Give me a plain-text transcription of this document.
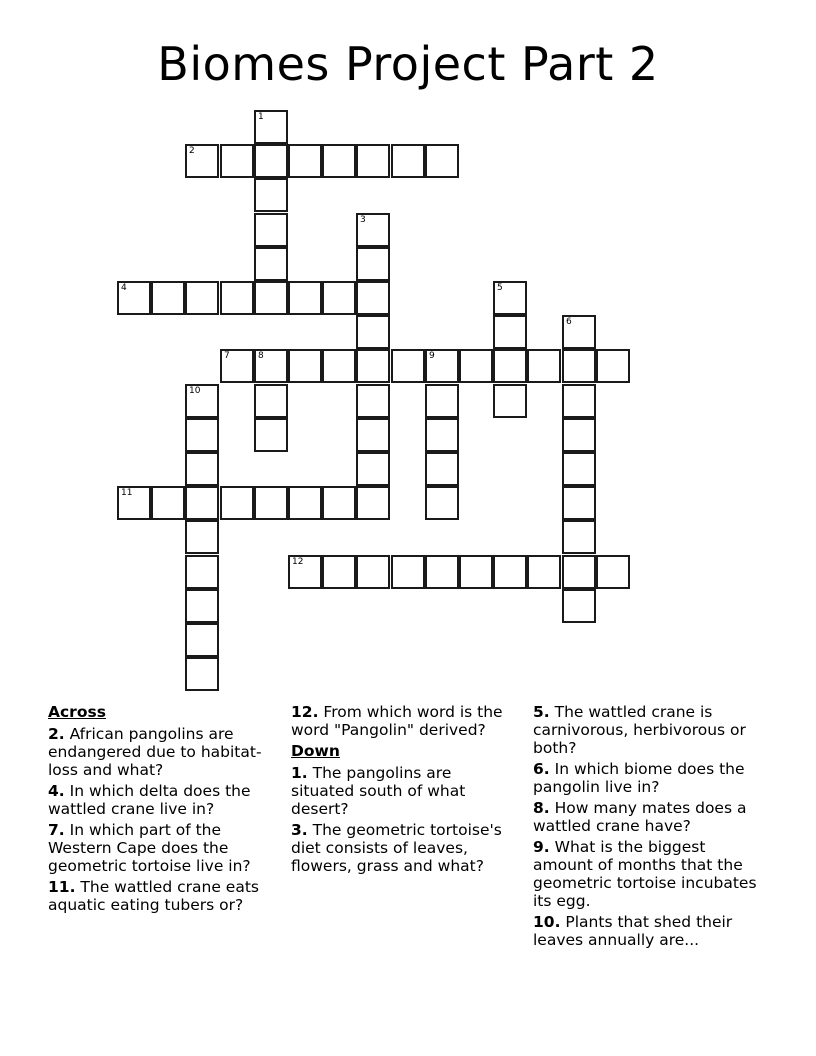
Biomes Project Part 2
2
4
7	8	9
11
12
1
3
5
6
10
Across
2. African pangolins are endangered due to habitat-loss and what?
4. In which delta does the wattled crane live in?
7. In which part of the Western Cape does the geometric tortoise live in?
11. The wattled crane eats aquatic eating tubers or?
12. From which word is the word "Pangolin" derived?
Down
1. The pangolins are situated south of what desert?
3. The geometric tortoise's diet consists of leaves, flowers, grass and what?
5. The wattled crane is carnivorous, herbivorous or both?
6. In which biome does the pangolin live in?
8. How many mates does a wattled crane have?
9. What is the biggest amount of months that the geometric tortoise incubates its egg.
10. Plants that shed their leaves annually are...
